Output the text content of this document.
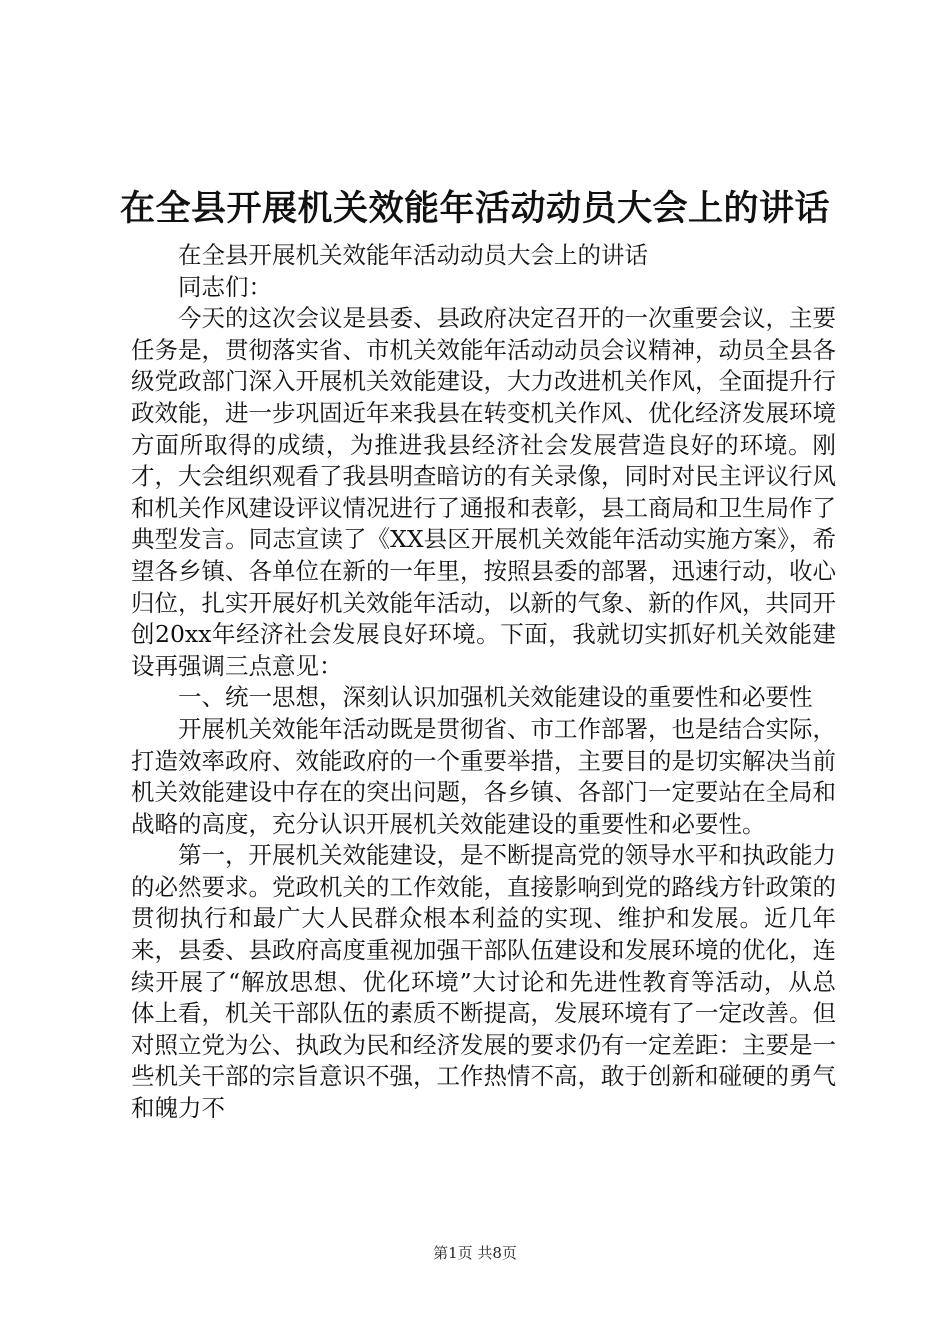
在全县开展机关效能年活动动员大会上的讲话

在全县开展机关效能年活动动员大会上的讲话

同志们：

今天的这次会议是县委、县政府决定召开的一次重要会议，主要任务是，贯彻落实省、市机关效能年活动动员会议精神，动员全县各级党政部门深入开展机关效能建设，大力改进机关作风，全面提升行政效能，进一步巩固近年来我县在转变机关作风、优化经济发展环境方面所取得的成绩，为推进我县经济社会发展营造良好的环境。刚才，大会组织观看了我县明查暗访的有关录像，同时对民主评议行风和机关作风建设评议情况进行了通报和表彰，县工商局和卫生局作了典型发言。同志宣读了《XX县区开展机关效能年活动实施方案》，希望各乡镇、各单位在新的一年里，按照县委的部署，迅速行动，收心归位，扎实开展好机关效能年活动，以新的气象、新的作风，共同开创20xx年经济社会发展良好环境。下面，我就切实抓好机关效能建设再强调三点意见：

一、统一思想，深刻认识加强机关效能建设的重要性和必要性

开展机关效能年活动既是贯彻省、市工作部署，也是结合实际，打造效率政府、效能政府的一个重要举措，主要目的是切实解决当前机关效能建设中存在的突出问题，各乡镇、各部门一定要站在全局和战略的高度，充分认识开展机关效能建设的重要性和必要性。

第一，开展机关效能建设，是不断提高党的领导水平和执政能力的必然要求。党政机关的工作效能，直接影响到党的路线方针政策的贯彻执行和最广大人民群众根本利益的实现、维护和发展。近几年来，县委、县政府高度重视加强干部队伍建设和发展环境的优化，连续开展了“解放思想、优化环境”大讨论和先进性教育等活动，从总体上看，机关干部队伍的素质不断提高，发展环境有了一定改善。但对照立党为公、执政为民和经济发展的要求仍有一定差距：主要是一些机关干部的宗旨意识不强，工作热情不高，敢于创新和碰硬的勇气和魄力不

第1页 共8页
